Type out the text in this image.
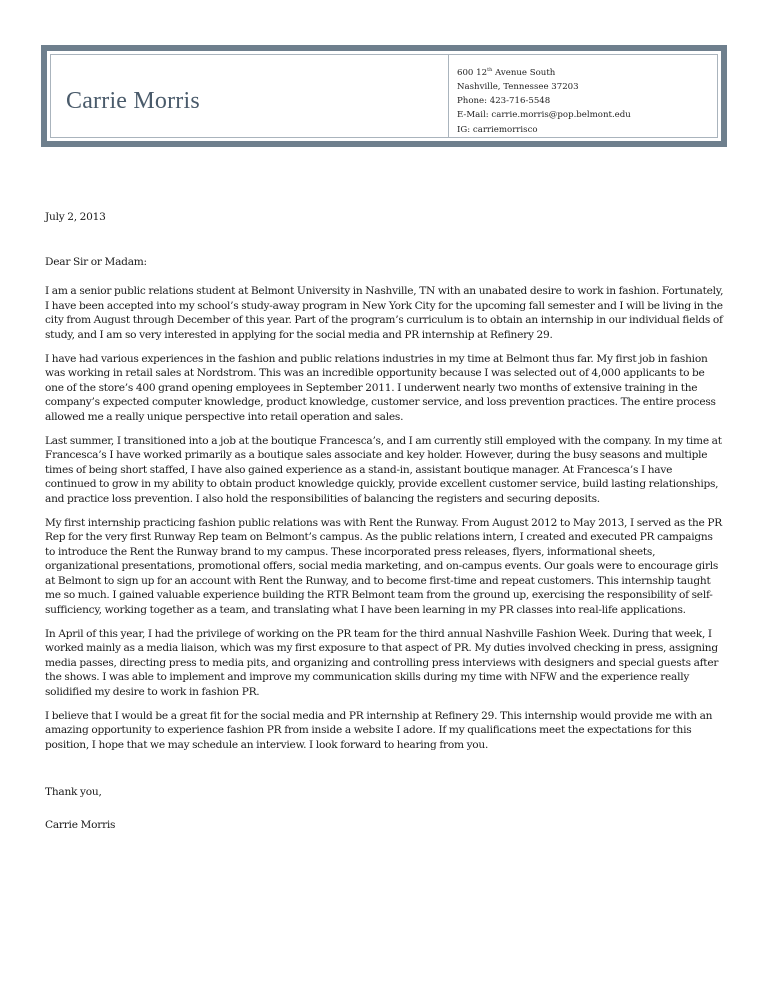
Carrie Morris
600 12th Avenue South
Nashville, Tennessee 37203
Phone: 423-716-5548
E-Mail: carrie.morris@pop.belmont.edu
IG: carriemorrisco

July 2, 2013

Dear Sir or Madam:

I am a senior public relations student at Belmont University in Nashville, TN with an unabated desire to work in fashion. Fortunately, I have been accepted into my school’s study-away program in New York City for the upcoming fall semester and I will be living in the city from August through December of this year. Part of the program’s curriculum is to obtain an internship in our individual fields of study, and I am so very interested in applying for the social media and PR internship at Refinery 29.

I have had various experiences in the fashion and public relations industries in my time at Belmont thus far. My first job in fashion was working in retail sales at Nordstrom. This was an incredible opportunity because I was selected out of 4,000 applicants to be one of the store’s 400 grand opening employees in September 2011. I underwent nearly two months of extensive training in the company’s expected computer knowledge, product knowledge, customer service, and loss prevention practices. The entire process allowed me a really unique perspective into retail operation and sales.

Last summer, I transitioned into a job at the boutique Francesca’s, and I am currently still employed with the company. In my time at Francesca’s I have worked primarily as a boutique sales associate and key holder. However, during the busy seasons and multiple times of being short staffed, I have also gained experience as a stand-in, assistant boutique manager. At Francesca’s I have continued to grow in my ability to obtain product knowledge quickly, provide excellent customer service, build lasting relationships, and practice loss prevention. I also hold the responsibilities of balancing the registers and securing deposits.

My first internship practicing fashion public relations was with Rent the Runway. From August 2012 to May 2013, I served as the PR Rep for the very first Runway Rep team on Belmont’s campus. As the public relations intern, I created and executed PR campaigns to introduce the Rent the Runway brand to my campus. These incorporated press releases, flyers, informational sheets, organizational presentations, promotional offers, social media marketing, and on-campus events. Our goals were to encourage girls at Belmont to sign up for an account with Rent the Runway, and to become first-time and repeat customers. This internship taught me so much. I gained valuable experience building the RTR Belmont team from the ground up, exercising the responsibility of self-sufficiency, working together as a team, and translating what I have been learning in my PR classes into real-life applications.

In April of this year, I had the privilege of working on the PR team for the third annual Nashville Fashion Week. During that week, I worked mainly as a media liaison, which was my first exposure to that aspect of PR. My duties involved checking in press, assigning media passes, directing press to media pits, and organizing and controlling press interviews with designers and special guests after the shows. I was able to implement and improve my communication skills during my time with NFW and the experience really solidified my desire to work in fashion PR.

I believe that I would be a great fit for the social media and PR internship at Refinery 29. This internship would provide me with an amazing opportunity to experience fashion PR from inside a website I adore. If my qualifications meet the expectations for this position, I hope that we may schedule an interview. I look forward to hearing from you.

Thank you,

Carrie Morris
